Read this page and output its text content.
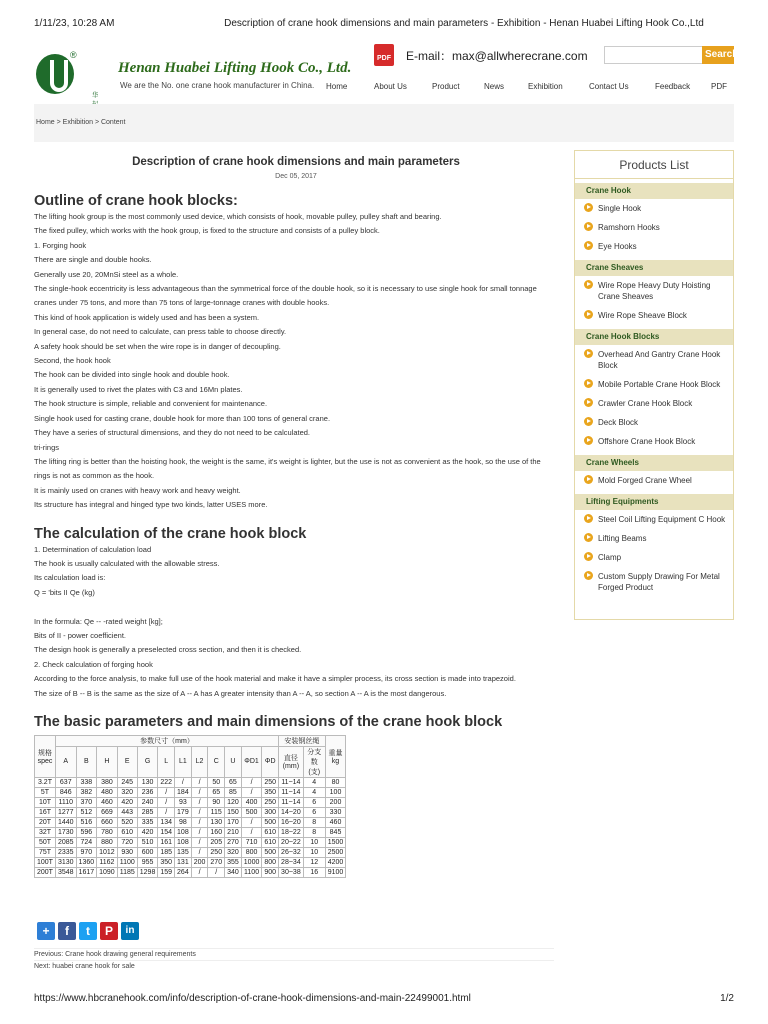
1/11/23, 10:28 AM	Description of crane hook dimensions and main parameters - Exhibition - Henan Huabei Lifting Hook Co.,Ltd
®
华
Henan Huabei Lifting Hook Co., Ltd.
We are the No. one crane hook manufacturer in China.
PDF E-mail：max@allwherecrane.com	Search
Home	About Us	Product	News	Exhibition	Contact Us	Feedback	PDF
Home > Exhibition > Content
Description of crane hook dimensions and main parameters
Dec 05, 2017
Outline of crane hook blocks:

The lifting hook group is the most commonly used device, which consists of hook, movable pulley, pulley shaft and bearing.

The fixed pulley, which works with the hook group, is fixed to the structure and consists of a pulley block.

1. Forging hook

There are single and double hooks.

Generally use 20, 20MnSi steel as a whole.

The single-hook eccentricity is less advantageous than the symmetrical force of the double hook, so it is necessary to use single hook for small tonnage cranes under 75 tons, and more than 75 tons of large-tonnage cranes with double hooks.

This kind of hook application is widely used and has been a system.

In general case, do not need to calculate, can press table to choose directly.

A safety hook should be set when the wire rope is in danger of decoupling.

Second, the hook hook

The hook can be divided into single hook and double hook.

It is generally used to rivet the plates with C3 and 16Mn plates.

The hook structure is simple, reliable and convenient for maintenance.

Single hook used for casting crane, double hook for more than 100 tons of general crane.

They have a series of structural dimensions, and they do not need to be calculated.

tri-rings

The lifting ring is better than the hoisting hook, the weight is the same, it's weight is lighter, but the use is not as convenient as the hook, so the use of the rings is not as common as the hook.

It is mainly used on cranes with heavy work and heavy weight.

Its structure has integral and hinged type two kinds, latter USES more.

The calculation of the crane hook block

1. Determination of calculation load

The hook is usually calculated with the allowable stress.

Its calculation load is:

Q = 'bits II Qe (kg)

In the formula: Qe -- -rated weight [kg];

Bits of II - power coefficient.

The design hook is generally a preselected cross section, and then it is checked.

2. Check calculation of forging hook

According to the force analysis, to make full use of the hook material and make it have a simpler process, its cross section is made into trapezoid.

The size of B -- B is the same as the size of A -- A has A greater intensity than A -- A, so section A -- A is the most dangerous.

The basic parameters and main dimensions of the crane hook block
规格
spec	参数尺寸（mm）												安装钢丝绳		重量
kg
	A	B	H	E	G	L	L1	L2	C	U	ΦD1	ΦD	直径(mm)	分支数(支)	
3.2T	637	338	380	245	130	222	/	/	50	65	/	250	11~14	4	80
5T	846	382	480	320	236	/	184	/	65	85	/	350	11~14	4	100
10T	1110	370	460	420	240	/	93	/	90	120	400	250	11~14	6	200
16T	1277	512	669	443	285	/	179	/	115	150	500	300	14~20	6	330
20T	1440	516	660	520	335	134	98	/	130	170	/	500	16~20	8	460
32T	1730	596	780	610	420	154	108	/	160	210	/	610	18~22	8	845
50T	2085	724	880	720	510	161	108	/	205	270	710	610	20~22	10	1500
75T	2335	970	1012	930	600	185	135	/	250	320	800	500	26~32	10	2500
100T	3130	1360	1162	1100	955	350	131	200	270	355	1000	800	28~34	12	4200
200T	3548	1617	1090	1185	1298	159	264	/	/	340	1100	900	30~38	16	9100
+	f	t	P	in
Previous: Crane hook drawing general requirements
Next: huabei crane hook for sale
Products List
Crane Hook
Single Hook
Ramshorn Hooks
Eye Hooks
Crane Sheaves
Wire Rope Heavy Duty Hoisting Crane Sheaves
Wire Rope Sheave Block
Crane Hook Blocks
Overhead And Gantry Crane Hook Block
Mobile Portable Crane Hook Block
Crawler Crane Hook Block
Deck Block
Offshore Crane Hook Block
Crane Wheels
Mold Forged Crane Wheel
Lifting Equipments
Steel Coil Lifting Equipment C Hook
Lifting Beams
Clamp
Custom Supply Drawing For Metal Forged Product
https://www.hbcranehook.com/info/description-of-crane-hook-dimensions-and-main-22499001.html	1/2
